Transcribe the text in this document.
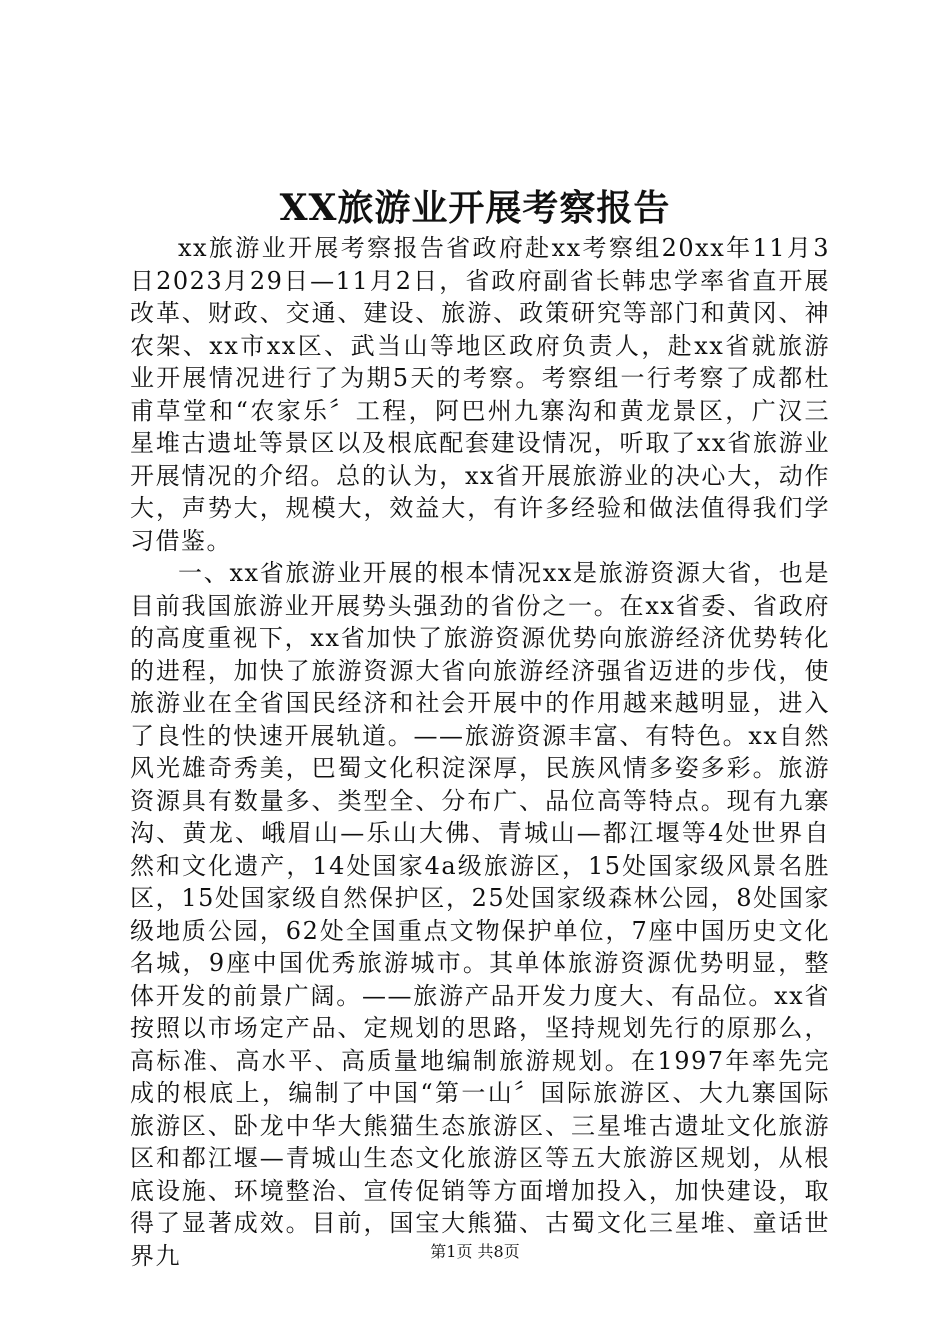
XX旅游业开展考察报告

xx旅游业开展考察报告省政府赴xx考察组20xx年11月3日2023月29日—11月2日，省政府副省长韩忠学率省直开展改革、财政、交通、建设、旅游、政策研究等部门和黄冈、神农架、xx市xx区、武当山等地区政府负责人，赴xx省就旅游业开展情况进行了为期5天的考察。考察组一行考察了成都杜甫草堂和“农家乐〞工程，阿巴州九寨沟和黄龙景区，广汉三星堆古遗址等景区以及根底配套建设情况，听取了xx省旅游业开展情况的介绍。总的认为，xx省开展旅游业的决心大，动作大，声势大，规模大，效益大，有许多经验和做法值得我们学习借鉴。

一、xx省旅游业开展的根本情况xx是旅游资源大省，也是目前我国旅游业开展势头强劲的省份之一。在xx省委、省政府的高度重视下，xx省加快了旅游资源优势向旅游经济优势转化的进程，加快了旅游资源大省向旅游经济强省迈进的步伐，使旅游业在全省国民经济和社会开展中的作用越来越明显，进入了良性的快速开展轨道。——旅游资源丰富、有特色。xx自然风光雄奇秀美，巴蜀文化积淀深厚，民族风情多姿多彩。旅游资源具有数量多、类型全、分布广、品位高等特点。现有九寨沟、黄龙、峨眉山—乐山大佛、青城山—都江堰等4处世界自然和文化遗产，14处国家4a级旅游区，15处国家级风景名胜区，15处国家级自然保护区，25处国家级森林公园，8处国家级地质公园，62处全国重点文物保护单位，7座中国历史文化名城，9座中国优秀旅游城市。其单体旅游资源优势明显，整体开发的前景广阔。——旅游产品开发力度大、有品位。xx省按照以市场定产品、定规划的思路，坚持规划先行的原那么，高标准、高水平、高质量地编制旅游规划。在1997年率先完成的根底上，编制了中国“第一山〞国际旅游区、大九寨国际旅游区、卧龙中华大熊猫生态旅游区、三星堆古遗址文化旅游区和都江堰—青城山生态文化旅游区等五大旅游区规划，从根底设施、环境整治、宣传促销等方面增加投入，加快建设，取得了显著成效。目前，国宝大熊猫、古蜀文化三星堆、童话世界九	第1页 共8页
